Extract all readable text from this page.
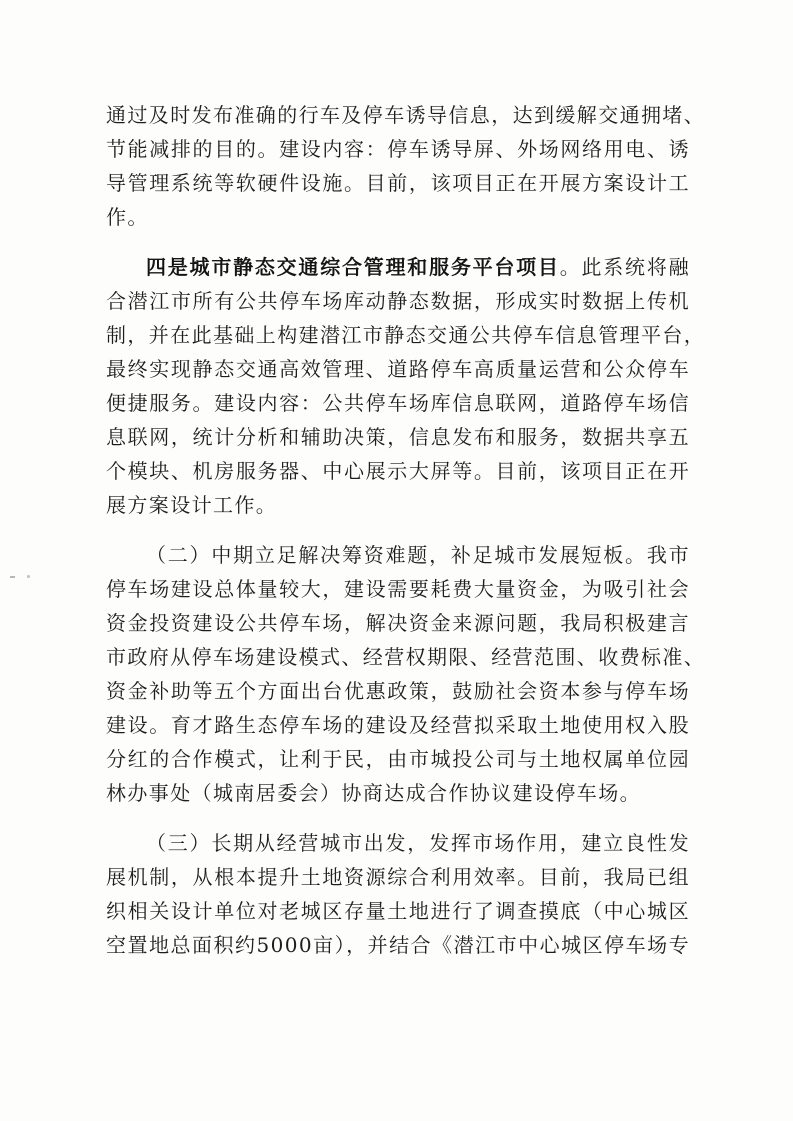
通过及时发布准确的行车及停车诱导信息，达到缓解交通拥堵、
节能减排的目的。建设内容：停车诱导屏、外场网络用电、诱
导管理系统等软硬件设施。目前，该项目正在开展方案设计工
作。
四是城市静态交通综合管理和服务平台项目。此系统将融
合潜江市所有公共停车场库动静态数据，形成实时数据上传机
制，并在此基础上构建潜江市静态交通公共停车信息管理平台，
最终实现静态交通高效管理、道路停车高质量运营和公众停车
便捷服务。建设内容：公共停车场库信息联网，道路停车场信
息联网，统计分析和辅助决策，信息发布和服务，数据共享五
个模块、机房服务器、中心展示大屏等。目前，该项目正在开
展方案设计工作。
（二）中期立足解决筹资难题，补足城市发展短板。我市
停车场建设总体量较大，建设需要耗费大量资金，为吸引社会
资金投资建设公共停车场，解决资金来源问题，我局积极建言
市政府从停车场建设模式、经营权期限、经营范围、收费标准、
资金补助等五个方面出台优惠政策，鼓励社会资本参与停车场
建设。育才路生态停车场的建设及经营拟采取土地使用权入股
分红的合作模式，让利于民，由市城投公司与土地权属单位园
林办事处（城南居委会）协商达成合作协议建设停车场。
（三）长期从经营城市出发，发挥市场作用，建立良性发
展机制，从根本提升土地资源综合利用效率。目前，我局已组
织相关设计单位对老城区存量土地进行了调查摸底（中心城区
空置地总面积约5000亩），并结合《潜江市中心城区停车场专
